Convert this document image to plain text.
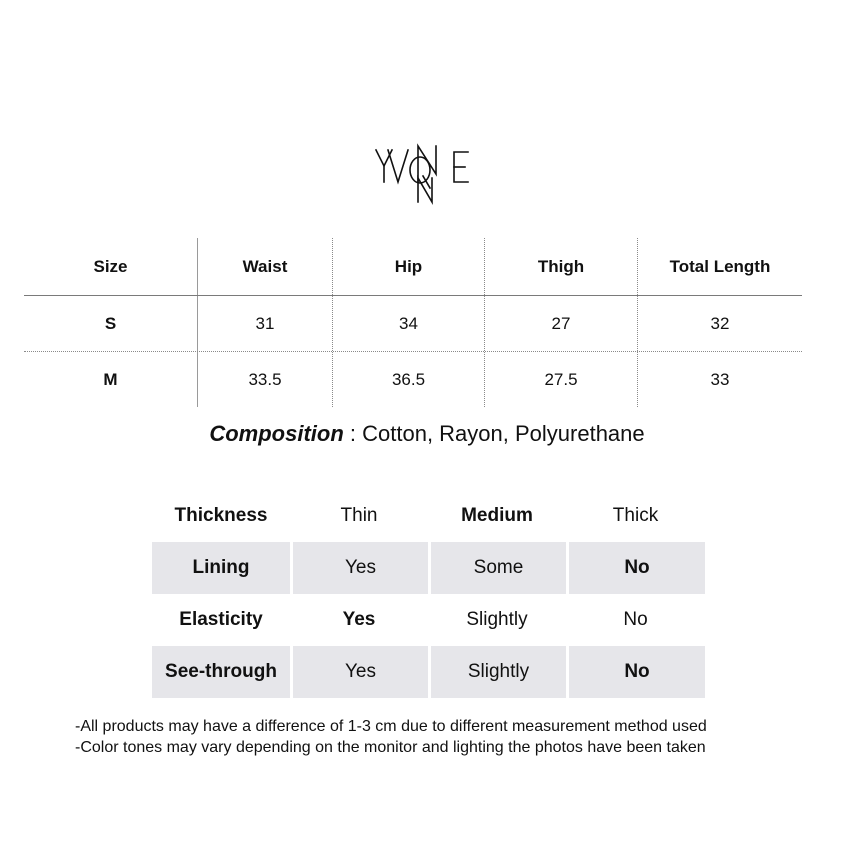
Size	Waist	Hip	Thigh	Total Length
S	31	34	27	32
M	33.5	36.5	27.5	33
Composition : Cotton, Rayon, Polyurethane
Thickness	Thin	Medium	Thick
Lining	Yes	Some	No
Elasticity	Yes	Slightly	No
See-through	Yes	Slightly	No
-All products may have a difference of 1-3 cm due to different measurement method used
-Color tones may vary depending on the monitor and lighting the photos have been taken
